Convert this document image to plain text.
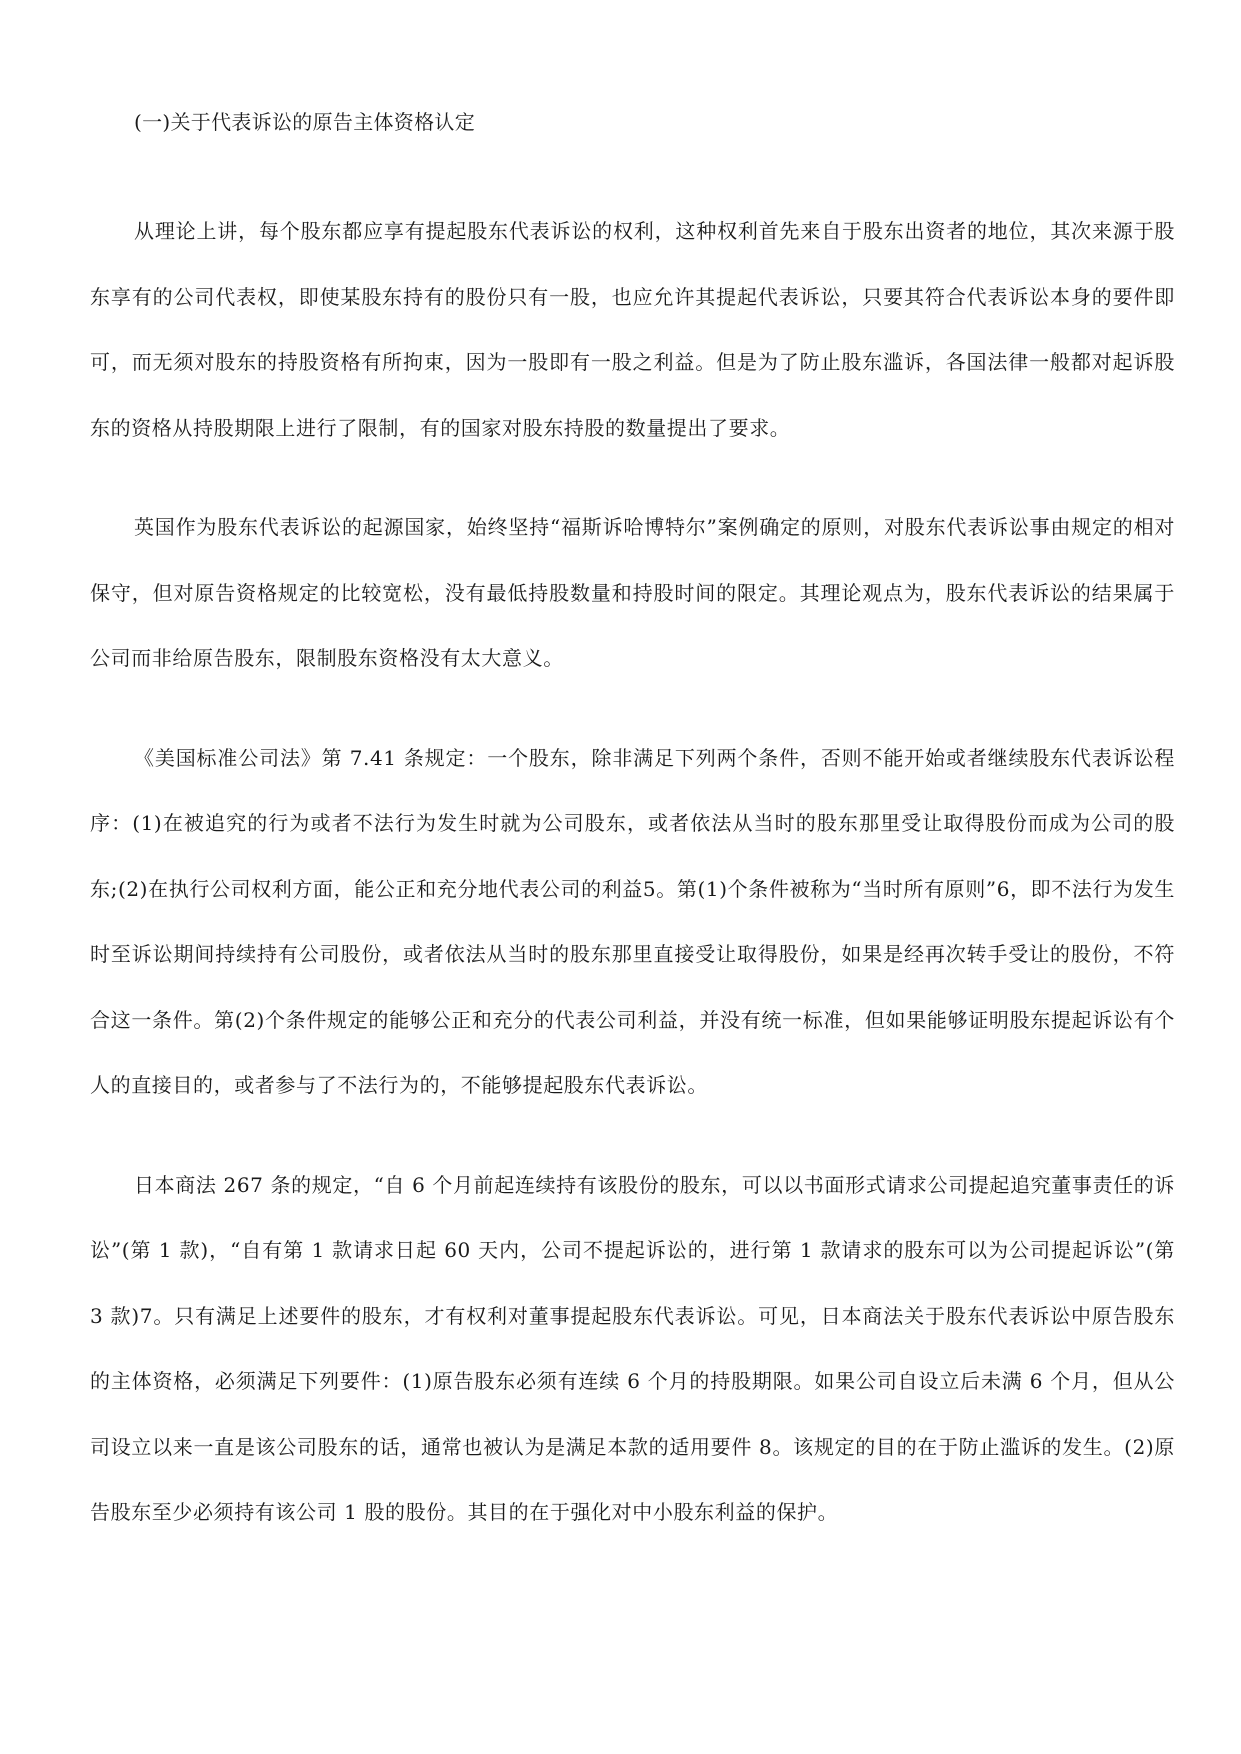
(一)关于代表诉讼的原告主体资格认定

从理论上讲，每个股东都应享有提起股东代表诉讼的权利，这种权利首先来自于股东出资者的地位，其次来源于股东享有的公司代表权，即使某股东持有的股份只有一股，也应允许其提起代表诉讼，只要其符合代表诉讼本身的要件即可，而无须对股东的持股资格有所拘束，因为一股即有一股之利益。但是为了防止股东滥诉，各国法律一般都对起诉股东的资格从持股期限上进行了限制，有的国家对股东持股的数量提出了要求。

英国作为股东代表诉讼的起源国家，始终坚持“福斯诉哈博特尔”案例确定的原则，对股东代表诉讼事由规定的相对保守，但对原告资格规定的比较宽松，没有最低持股数量和持股时间的限定。其理论观点为，股东代表诉讼的结果属于公司而非给原告股东，限制股东资格没有太大意义。

《美国标准公司法》第 7.41 条规定：一个股东，除非满足下列两个条件，否则不能开始或者继续股东代表诉讼程序：(1)在被追究的行为或者不法行为发生时就为公司股东，或者依法从当时的股东那里受让取得股份而成为公司的股东;(2)在执行公司权利方面，能公正和充分地代表公司的利益5。第(1)个条件被称为“当时所有原则”6，即不法行为发生时至诉讼期间持续持有公司股份，或者依法从当时的股东那里直接受让取得股份，如果是经再次转手受让的股份，不符合这一条件。第(2)个条件规定的能够公正和充分的代表公司利益，并没有统一标准，但如果能够证明股东提起诉讼有个人的直接目的，或者参与了不法行为的，不能够提起股东代表诉讼。

日本商法 267 条的规定，“自 6 个月前起连续持有该股份的股东，可以以书面形式请求公司提起追究董事责任的诉讼”(第 1 款)，“自有第 1 款请求日起 60 天内，公司不提起诉讼的，进行第 1 款请求的股东可以为公司提起诉讼”(第 3 款)7。只有满足上述要件的股东，才有权利对董事提起股东代表诉讼。可见，日本商法关于股东代表诉讼中原告股东的主体资格，必须满足下列要件：(1)原告股东必须有连续 6 个月的持股期限。如果公司自设立后未满 6 个月，但从公司设立以来一直是该公司股东的话，通常也被认为是满足本款的适用要件 8。该规定的目的在于防止滥诉的发生。(2)原告股东至少必须持有该公司 1 股的股份。其目的在于强化对中小股东利益的保护。
